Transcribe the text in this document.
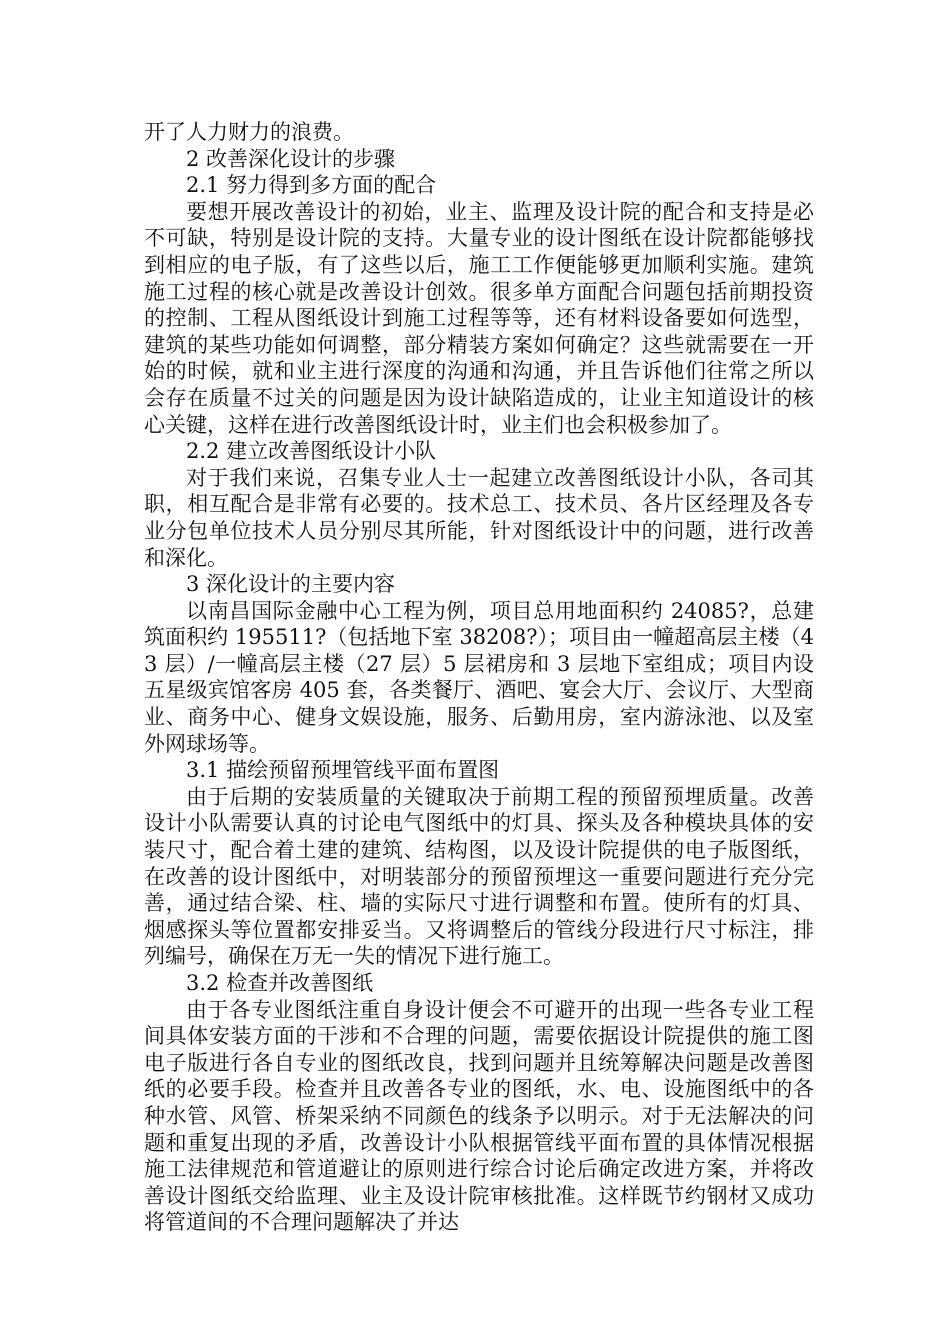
开了人力财力的浪费。

2 改善深化设计的步骤

2.1 努力得到多方面的配合

要想开展改善设计的初始，业主、监理及设计院的配合和支持是必不可缺，特别是设计院的支持。大量专业的设计图纸在设计院都能够找到相应的电子版，有了这些以后，施工工作便能够更加顺利实施。建筑施工过程的核心就是改善设计创效。很多单方面配合问题包括前期投资的控制、工程从图纸设计到施工过程等等，还有材料设备要如何选型，建筑的某些功能如何调整，部分精装方案如何确定？这些就需要在一开始的时候，就和业主进行深度的沟通和沟通，并且告诉他们往常之所以会存在质量不过关的问题是因为设计缺陷造成的，让业主知道设计的核心关键，这样在进行改善图纸设计时，业主们也会积极参加了。

2.2 建立改善图纸设计小队

对于我们来说，召集专业人士一起建立改善图纸设计小队，各司其职，相互配合是非常有必要的。技术总工、技术员、各片区经理及各专业分包单位技术人员分别尽其所能，针对图纸设计中的问题，进行改善和深化。

3 深化设计的主要内容

以南昌国际金融中心工程为例，项目总用地面积约 24085?，总建筑面积约 195511?（包括地下室 38208?）；项目由一幢超高层主楼（43 层）/一幢高层主楼（27 层）5 层裙房和 3 层地下室组成；项目内设五星级宾馆客房 405 套，各类餐厅、酒吧、宴会大厅、会议厅、大型商业、商务中心、健身文娱设施，服务、后勤用房，室内游泳池、以及室外网球场等。

3.1 描绘预留预埋管线平面布置图

由于后期的安装质量的关键取决于前期工程的预留预埋质量。改善设计小队需要认真的讨论电气图纸中的灯具、探头及各种模块具体的安装尺寸，配合着土建的建筑、结构图，以及设计院提供的电子版图纸，在改善的设计图纸中，对明装部分的预留预埋这一重要问题进行充分完善，通过结合梁、柱、墙的实际尺寸进行调整和布置。使所有的灯具、烟感探头等位置都安排妥当。又将调整后的管线分段进行尺寸标注，排列编号，确保在万无一失的情况下进行施工。

3.2 检查并改善图纸

由于各专业图纸注重自身设计便会不可避开的出现一些各专业工程间具体安装方面的干涉和不合理的问题，需要依据设计院提供的施工图电子版进行各自专业的图纸改良，找到问题并且统筹解决问题是改善图纸的必要手段。检查并且改善各专业的图纸，水、电、设施图纸中的各种水管、风管、桥架采纳不同颜色的线条予以明示。对于无法解决的问题和重复出现的矛盾，改善设计小队根据管线平面布置的具体情况根据施工法律规范和管道避让的原则进行综合讨论后确定改进方案，并将改善设计图纸交给监理、业主及设计院审核批准。这样既节约钢材又成功将管道间的不合理问题解决了并达
